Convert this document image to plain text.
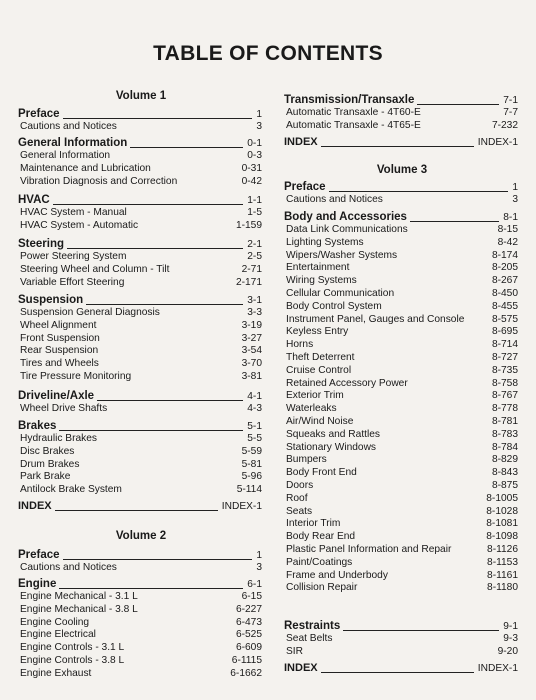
TABLE OF CONTENTS
Volume 1
Volume 2
Preface	1
Cautions and Notices	3
General Information	0-1
General Information	0-3
Maintenance and Lubrication	0-31
Vibration Diagnosis and Correction	0-42
HVAC	1-1
HVAC System - Manual	1-5
HVAC System - Automatic	1-159
Steering	2-1
Power Steering System	2-5
Steering Wheel and Column - Tilt	2-71
Variable Effort Steering	2-171
Suspension	3-1
Suspension General Diagnosis	3-3
Wheel Alignment	3-19
Front Suspension	3-27
Rear Suspension	3-54
Tires and Wheels	3-70
Tire Pressure Monitoring	3-81
Driveline/Axle	4-1
Wheel Drive Shafts	4-3
Brakes	5-1
Hydraulic Brakes	5-5
Disc Brakes	5-59
Drum Brakes	5-81
Park Brake	5-96
Antilock Brake System	5-114
INDEX	INDEX-1
Preface	1
Cautions and Notices	3
Engine	6-1
Engine Mechanical - 3.1 L	6-15
Engine Mechanical - 3.8 L	6-227
Engine Cooling	6-473
Engine Electrical	6-525
Engine Controls - 3.1 L	6-609
Engine Controls - 3.8 L	6-1115
Engine Exhaust	6-1662
Volume 3
Transmission/Transaxle	7-1
Automatic Transaxle - 4T60-E	7-7
Automatic Transaxle - 4T65-E	7-232
INDEX	INDEX-1
Preface	1
Cautions and Notices	3
Body and Accessories	8-1
Data Link Communications	8-15
Lighting Systems	8-42
Wipers/Washer Systems	8-174
Entertainment	8-205
Wiring Systems	8-267
Cellular Communication	8-450
Body Control System	8-455
Instrument Panel, Gauges and Console	8-575
Keyless Entry	8-695
Horns	8-714
Theft Deterrent	8-727
Cruise Control	8-735
Retained Accessory Power	8-758
Exterior Trim	8-767
Waterleaks	8-778
Air/Wind Noise	8-781
Squeaks and Rattles	8-783
Stationary Windows	8-784
Bumpers	8-829
Body Front End	8-843
Doors	8-875
Roof	8-1005
Seats	8-1028
Interior Trim	8-1081
Body Rear End	8-1098
Plastic Panel Information and Repair	8-1126
Paint/Coatings	8-1153
Frame and Underbody	8-1161
Collision Repair	8-1180
Restraints	9-1
Seat Belts	9-3
SIR	9-20
INDEX	INDEX-1
